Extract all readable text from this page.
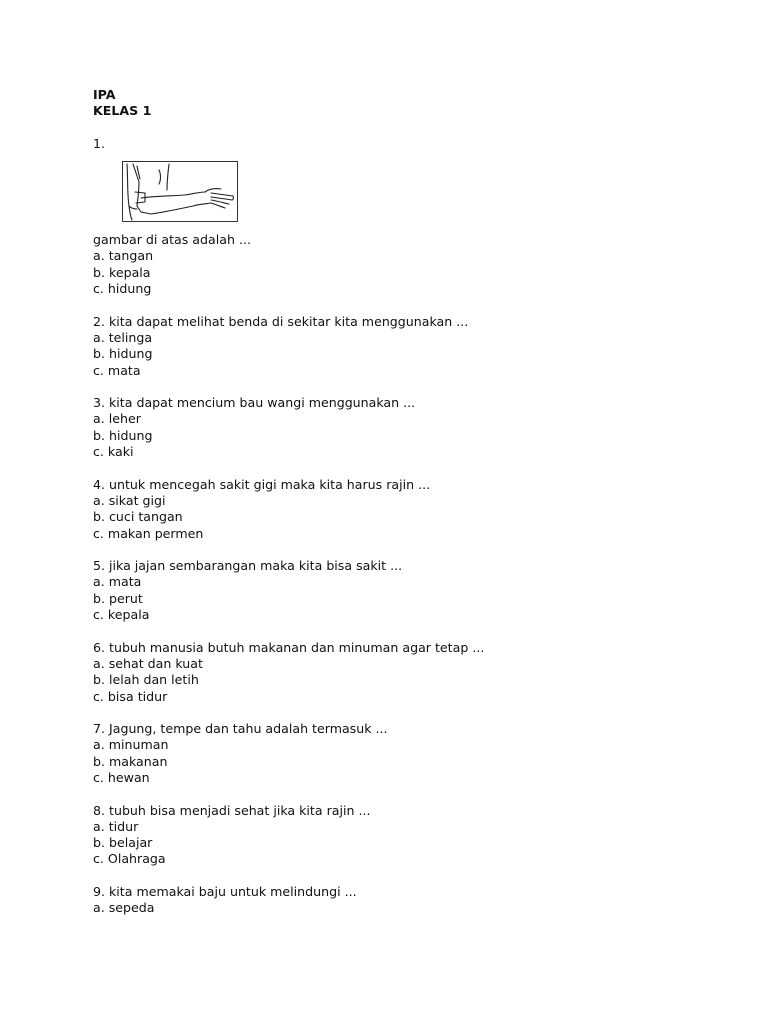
IPA
KELAS 1
1.
gambar di atas adalah ...
a. tangan
b. kepala
c. hidung
2. kita dapat melihat benda di sekitar kita menggunakan ...
a. telinga
b. hidung
c. mata
3. kita dapat mencium bau wangi menggunakan ...
a. leher
b. hidung
c. kaki
4. untuk mencegah sakit gigi maka kita harus rajin ...
a. sikat gigi
b. cuci tangan
c. makan permen
5. jika jajan sembarangan maka kita bisa sakit ...
a. mata
b. perut
c. kepala
6. tubuh manusia butuh makanan dan minuman agar tetap ...
a. sehat dan kuat
b. lelah dan letih
c. bisa tidur
7. Jagung, tempe dan tahu adalah termasuk ...
a. minuman
b. makanan
c. hewan
8. tubuh bisa menjadi sehat jika kita rajin ...
a. tidur
b. belajar
c. Olahraga
9. kita memakai baju untuk melindungi ...
a. sepeda
